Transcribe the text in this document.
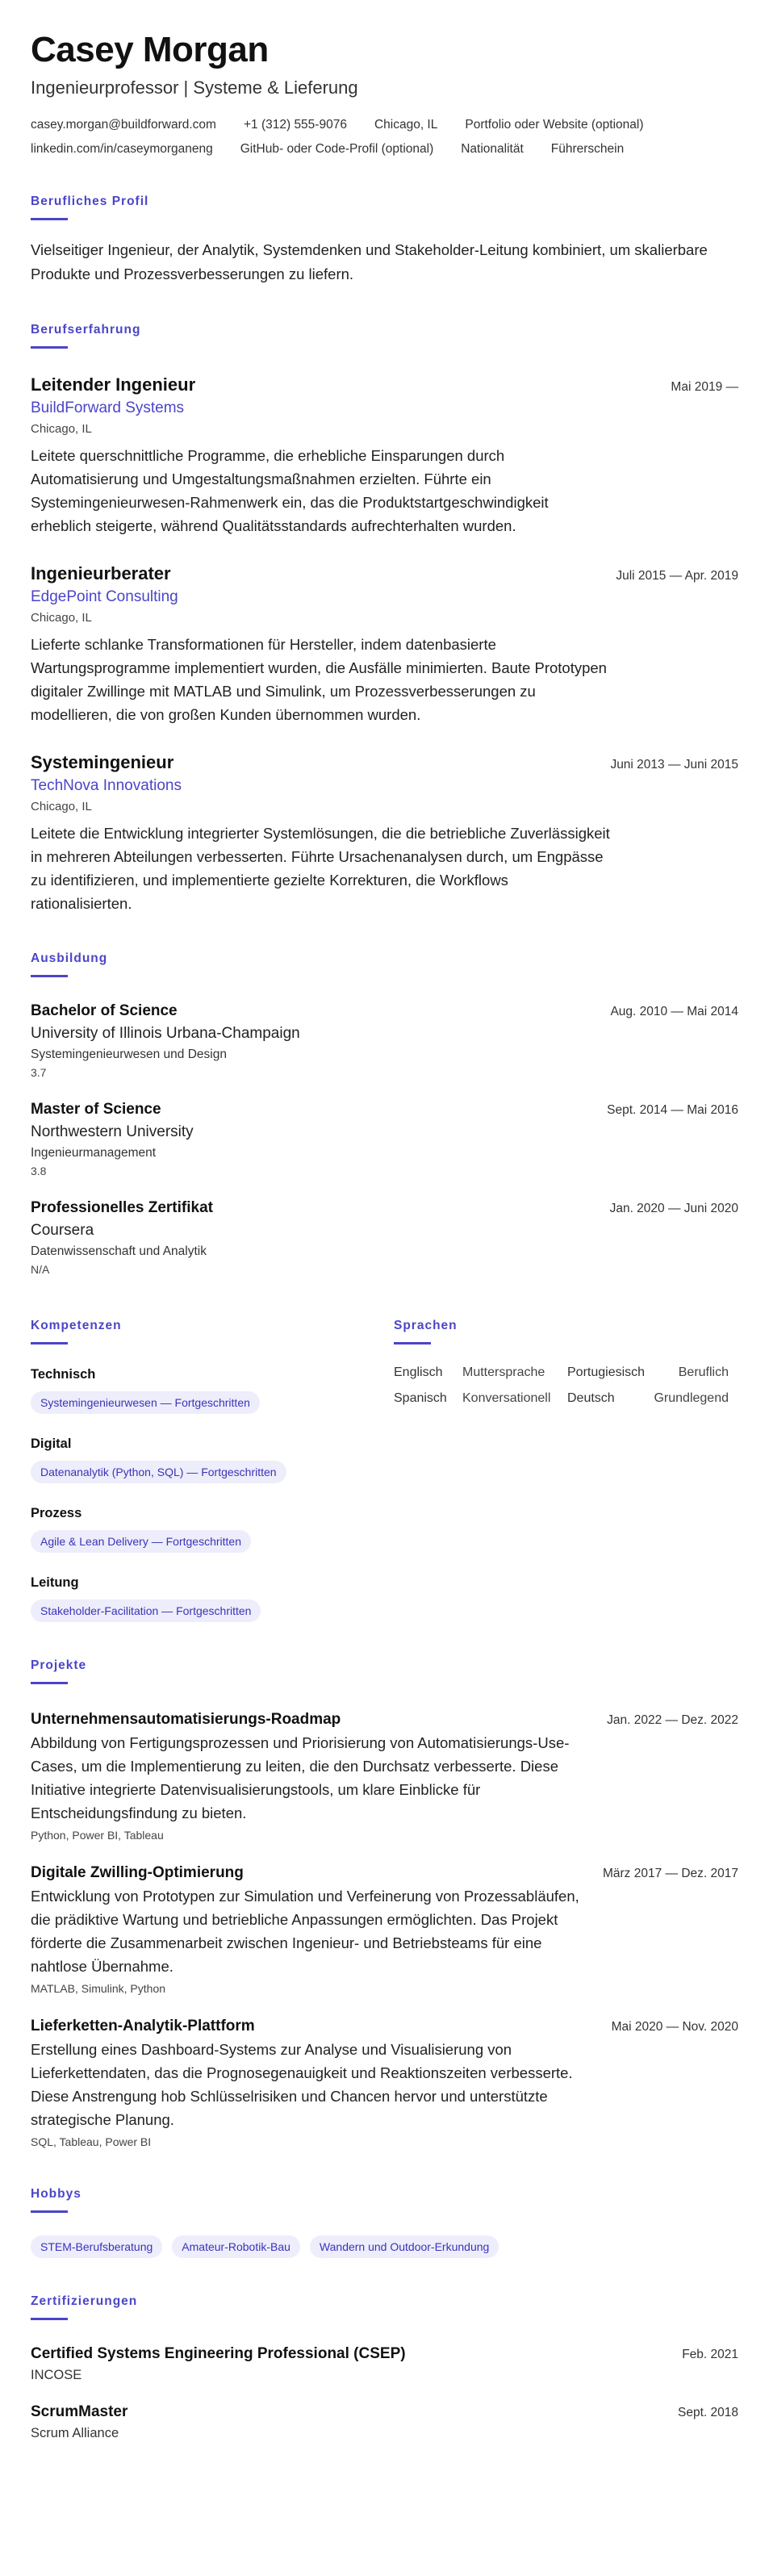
Casey Morgan
Ingenieurprofessor | Systeme & Lieferung
casey.morgan@buildforward.com +1 (312) 555-9076 Chicago, IL Portfolio oder Website (optional)
linkedin.com/in/caseymorganeng GitHub- oder Code-Profil (optional) Nationalität Führerschein
Berufliches Profil
Vielseitiger Ingenieur, der Analytik, Systemdenken und Stakeholder-Leitung kombiniert, um skalierbare Produkte und Prozessverbesserungen zu liefern.
Berufserfahrung
Leitender Ingenieur	Mai 2019 —
BuildForward Systems
Chicago, IL
Leitete querschnittliche Programme, die erhebliche Einsparungen durch Automatisierung und Umgestaltungsmaßnahmen erzielten. Führte ein Systemingenieurwesen-Rahmenwerk ein, das die Produktstartgeschwindigkeit erheblich steigerte, während Qualitätsstandards aufrechterhalten wurden.
Ingenieurberater	Juli 2015 — Apr. 2019
EdgePoint Consulting
Chicago, IL
Lieferte schlanke Transformationen für Hersteller, indem datenbasierte Wartungsprogramme implementiert wurden, die Ausfälle minimierten. Baute Prototypen digitaler Zwillinge mit MATLAB und Simulink, um Prozessverbesserungen zu modellieren, die von großen Kunden übernommen wurden.
Systemingenieur	Juni 2013 — Juni 2015
TechNova Innovations
Chicago, IL
Leitete die Entwicklung integrierter Systemlösungen, die die betriebliche Zuverlässigkeit in mehreren Abteilungen verbesserten. Führte Ursachenanalysen durch, um Engpässe zu identifizieren, und implementierte gezielte Korrekturen, die Workflows rationalisierten.
Ausbildung
Bachelor of Science	Aug. 2010 — Mai 2014
University of Illinois Urbana-Champaign
Systemingenieurwesen und Design
3.7
Master of Science	Sept. 2014 — Mai 2016
Northwestern University
Ingenieurmanagement
3.8
Professionelles Zertifikat	Jan. 2020 — Juni 2020
Coursera
Datenwissenschaft und Analytik
N/A
Kompetenzen
Technisch
Systemingenieurwesen — Fortgeschritten
Digital
Datenanalytik (Python, SQL) — Fortgeschritten
Prozess
Agile & Lean Delivery — Fortgeschritten
Leitung
Stakeholder-Facilitation — Fortgeschritten
Sprachen
Englisch	Muttersprache	Portugiesisch	Beruflich
Spanisch	Konversationell	Deutsch	Grundlegend
Projekte
Unternehmensautomatisierungs-Roadmap	Jan. 2022 — Dez. 2022
Abbildung von Fertigungsprozessen und Priorisierung von Automatisierungs-Use-Cases, um die Implementierung zu leiten, die den Durchsatz verbesserte. Diese Initiative integrierte Datenvisualisierungstools, um klare Einblicke für Entscheidungsfindung zu bieten.
Python, Power BI, Tableau
Digitale Zwilling-Optimierung	März 2017 — Dez. 2017
Entwicklung von Prototypen zur Simulation und Verfeinerung von Prozessabläufen, die prädiktive Wartung und betriebliche Anpassungen ermöglichten. Das Projekt förderte die Zusammenarbeit zwischen Ingenieur- und Betriebsteams für eine nahtlose Übernahme.
MATLAB, Simulink, Python
Lieferketten-Analytik-Plattform	Mai 2020 — Nov. 2020
Erstellung eines Dashboard-Systems zur Analyse und Visualisierung von Lieferkettendaten, das die Prognosegenauigkeit und Reaktionszeiten verbesserte. Diese Anstrengung hob Schlüsselrisiken und Chancen hervor und unterstützte strategische Planung.
SQL, Tableau, Power BI
Hobbys
STEM-Berufsberatung	Amateur-Robotik-Bau	Wandern und Outdoor-Erkundung
Zertifizierungen
Certified Systems Engineering Professional (CSEP)	Feb. 2021
INCOSE
ScrumMaster	Sept. 2018
Scrum Alliance
